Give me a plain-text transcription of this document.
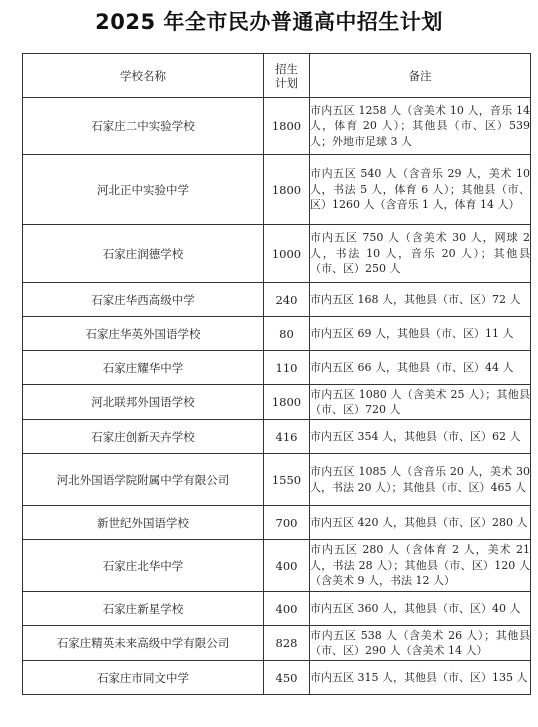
2025 年全市民办普通高中招生计划
学校名称	招生计划	备注
石家庄二中实验学校	1800	市内五区 1258 人（含美术 10 人，音乐 14 人，体育 20 人）；其他县（市、区）539 人；外地市足球 3 人
河北正中实验中学	1800	市内五区 540 人（含音乐 29 人，美术 10 人，书法 5 人，体育 6 人）；其他县（市、区）1260 人（含音乐 1 人，体育 14 人）
石家庄润德学校	1000	市内五区 750 人（含美术 30 人，网球 2 人，书法 10 人，音乐 20 人）；其他县（市、区）250 人
石家庄华西高级中学	240	市内五区 168 人，其他县（市、区）72 人
石家庄华英外国语学校	80	市内五区 69 人，其他县（市、区）11 人
石家庄耀华中学	110	市内五区 66 人，其他县（市、区）44 人
河北联邦外国语学校	1800	市内五区 1080 人（含美术 25 人）；其他县（市、区）720 人
石家庄创新天卉学校	416	市内五区 354 人，其他县（市、区）62 人
河北外国语学院附属中学有限公司	1550	市内五区 1085 人（含音乐 20 人，美术 30 人，书法 20 人）；其他县（市、区）465 人
新世纪外国语学校	700	市内五区 420 人，其他县（市、区）280 人
石家庄北华中学	400	市内五区 280 人（含体育 2 人，美术 21 人，书法 28 人）；其他县（市、区）120 人（含美术 9 人，书法 12 人）
石家庄新星学校	400	市内五区 360 人，其他县（市、区）40 人
石家庄精英未来高级中学有限公司	828	市内五区 538 人（含美术 26 人）；其他县（市、区）290 人（含美术 14 人）
石家庄市同文中学	450	市内五区 315 人，其他县（市、区）135 人
